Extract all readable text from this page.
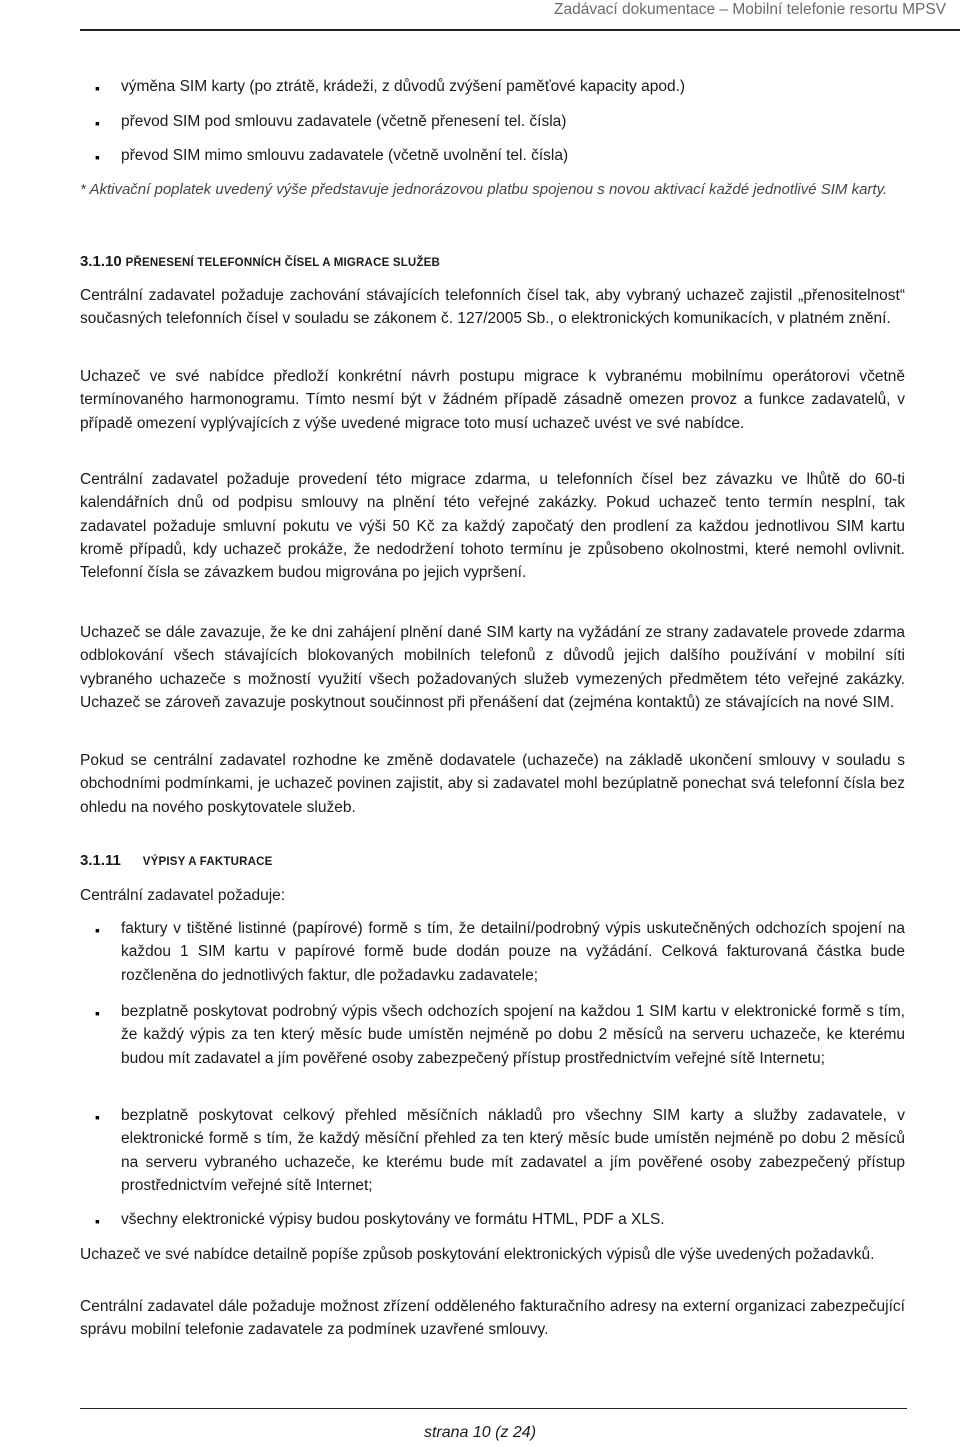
Zadávací dokumentace – Mobilní telefonie resortu MPSV
▪ výměna SIM karty (po ztrátě, krádeži, z důvodů zvýšení paměťové kapacity apod.)
▪ převod SIM pod smlouvu zadavatele (včetně přenesení tel. čísla)
▪ převod SIM mimo smlouvu zadavatele (včetně uvolnění tel. čísla)

* Aktivační poplatek uvedený výše představuje jednorázovou platbu spojenou s novou aktivací každé jednotlivé SIM karty.

3.1.10 PŘENESENÍ TELEFONNÍCH ČÍSEL A MIGRACE SLUŽEB

Centrální zadavatel požaduje zachování stávajících telefonních čísel tak, aby vybraný uchazeč zajistil „přenositelnost“ současných telefonních čísel v souladu se zákonem č. 127/2005 Sb., o elektronických komunikacích, v platném znění.

Uchazeč ve své nabídce předloží konkrétní návrh postupu migrace k vybranému mobilnímu operátorovi včetně termínovaného harmonogramu. Tímto nesmí být v žádném případě zásadně omezen provoz a funkce zadavatelů, v případě omezení vyplývajících z výše uvedené migrace toto musí uchazeč uvést ve své nabídce.

Centrální zadavatel požaduje provedení této migrace zdarma, u telefonních čísel bez závazku ve lhůtě do 60-ti kalendářních dnů od podpisu smlouvy na plnění této veřejné zakázky. Pokud uchazeč tento termín nesplní, tak zadavatel požaduje smluvní pokutu ve výši 50 Kč za každý započatý den prodlení za každou jednotlivou SIM kartu kromě případů, kdy uchazeč prokáže, že nedodržení tohoto termínu je způsobeno okolnostmi, které nemohl ovlivnit. Telefonní čísla se závazkem budou migrována po jejich vypršení.

Uchazeč se dále zavazuje, že ke dni zahájení plnění dané SIM karty na vyžádání ze strany zadavatele provede zdarma odblokování všech stávajících blokovaných mobilních telefonů z důvodů jejich dalšího používání v mobilní síti vybraného uchazeče s možností využití všech požadovaných služeb vymezených předmětem této veřejné zakázky. Uchazeč se zároveň zavazuje poskytnout součinnost při přenášení dat (zejména kontaktů) ze stávajících na nové SIM.

Pokud se centrální zadavatel rozhodne ke změně dodavatele (uchazeče) na základě ukončení smlouvy v souladu s obchodními podmínkami, je uchazeč povinen zajistit, aby si zadavatel mohl bezúplatně ponechat svá telefonní čísla bez ohledu na nového poskytovatele služeb.

3.1.11 VÝPISY A FAKTURACE

Centrální zadavatel požaduje:

▪ faktury v tištěné listinné (papírové) formě s tím, že detailní/podrobný výpis uskutečněných odchozích spojení na každou 1 SIM kartu v papírové formě bude dodán pouze na vyžádání. Celková fakturovaná částka bude rozčleněna do jednotlivých faktur, dle požadavku zadavatele;
▪ bezplatně poskytovat podrobný výpis všech odchozích spojení na každou 1 SIM kartu v elektronické formě s tím, že každý výpis za ten který měsíc bude umístěn nejméně po dobu 2 měsíců na serveru uchazeče, ke kterému budou mít zadavatel a jím pověřené osoby zabezpečený přístup prostřednictvím veřejné sítě Internetu;
▪ bezplatně poskytovat celkový přehled měsíčních nákladů pro všechny SIM karty a služby zadavatele, v elektronické formě s tím, že každý měsíční přehled za ten který měsíc bude umístěn nejméně po dobu 2 měsíců na serveru vybraného uchazeče, ke kterému bude mít zadavatel a jím pověřené osoby zabezpečený přístup prostřednictvím veřejné sítě Internet;
▪ všechny elektronické výpisy budou poskytovány ve formátu HTML, PDF a XLS.

Uchazeč ve své nabídce detailně popíše způsob poskytování elektronických výpisů dle výše uvedených požadavků.

Centrální zadavatel dále požaduje možnost zřízení odděleného fakturačního adresy na externí organizaci zabezpečující správu mobilní telefonie zadavatele za podmínek uzavřené smlouvy.

strana 10 (z 24)
